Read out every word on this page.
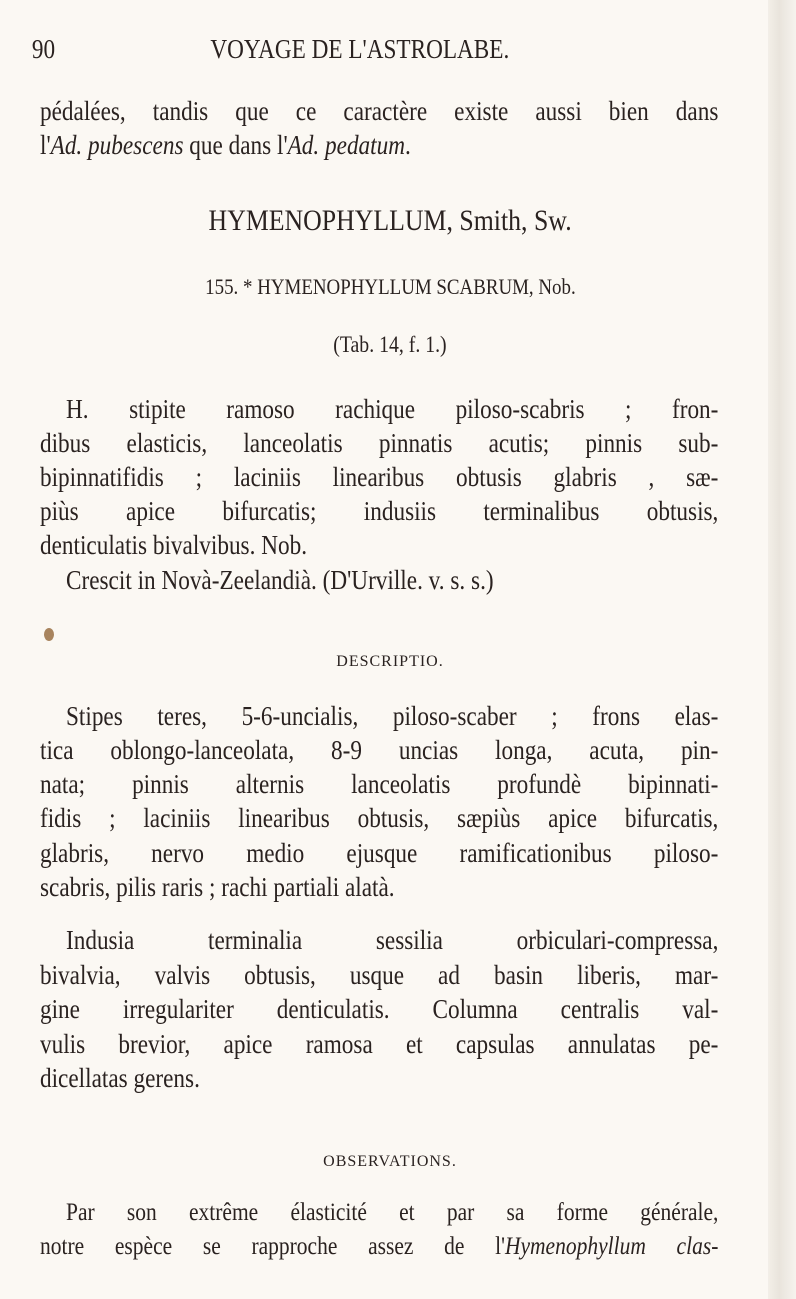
90	VOYAGE DE L'ASTROLABE.
pédalées, tandis que ce caractère existe aussi bien dans
l'Ad. pubescens que dans l'Ad. pedatum.
HYMENOPHYLLUM, Smith, Sw.
155. * HYMENOPHYLLUM SCABRUM, Nob.
(Tab. 14, f. 1.)
H. stipite ramoso rachique piloso-scabris ; fron-
dibus elasticis, lanceolatis pinnatis acutis; pinnis sub-
bipinnatifidis ; laciniis linearibus obtusis glabris , sæ-
piùs apice bifurcatis; indusiis terminalibus obtusis,
denticulatis bivalvibus. Nob.
Crescit in Novà-Zeelandià. (D'Urville. v. s. s.)
DESCRIPTIO.
Stipes teres, 5-6-uncialis, piloso-scaber ; frons elas-
tica oblongo-lanceolata, 8-9 uncias longa, acuta, pin-
nata; pinnis alternis lanceolatis profundè bipinnati-
fidis ; laciniis linearibus obtusis, sæpiùs apice bifurcatis,
glabris, nervo medio ejusque ramificationibus piloso-
scabris, pilis raris ; rachi partiali alatà.
Indusia terminalia sessilia orbiculari-compressa,
bivalvia, valvis obtusis, usque ad basin liberis, mar-
gine irregulariter denticulatis. Columna centralis val-
vulis brevior, apice ramosa et capsulas annulatas pe-
dicellatas gerens.
OBSERVATIONS.
Par son extrême élasticité et par sa forme générale,
notre espèce se rapproche assez de l'Hymenophyllum clas-
